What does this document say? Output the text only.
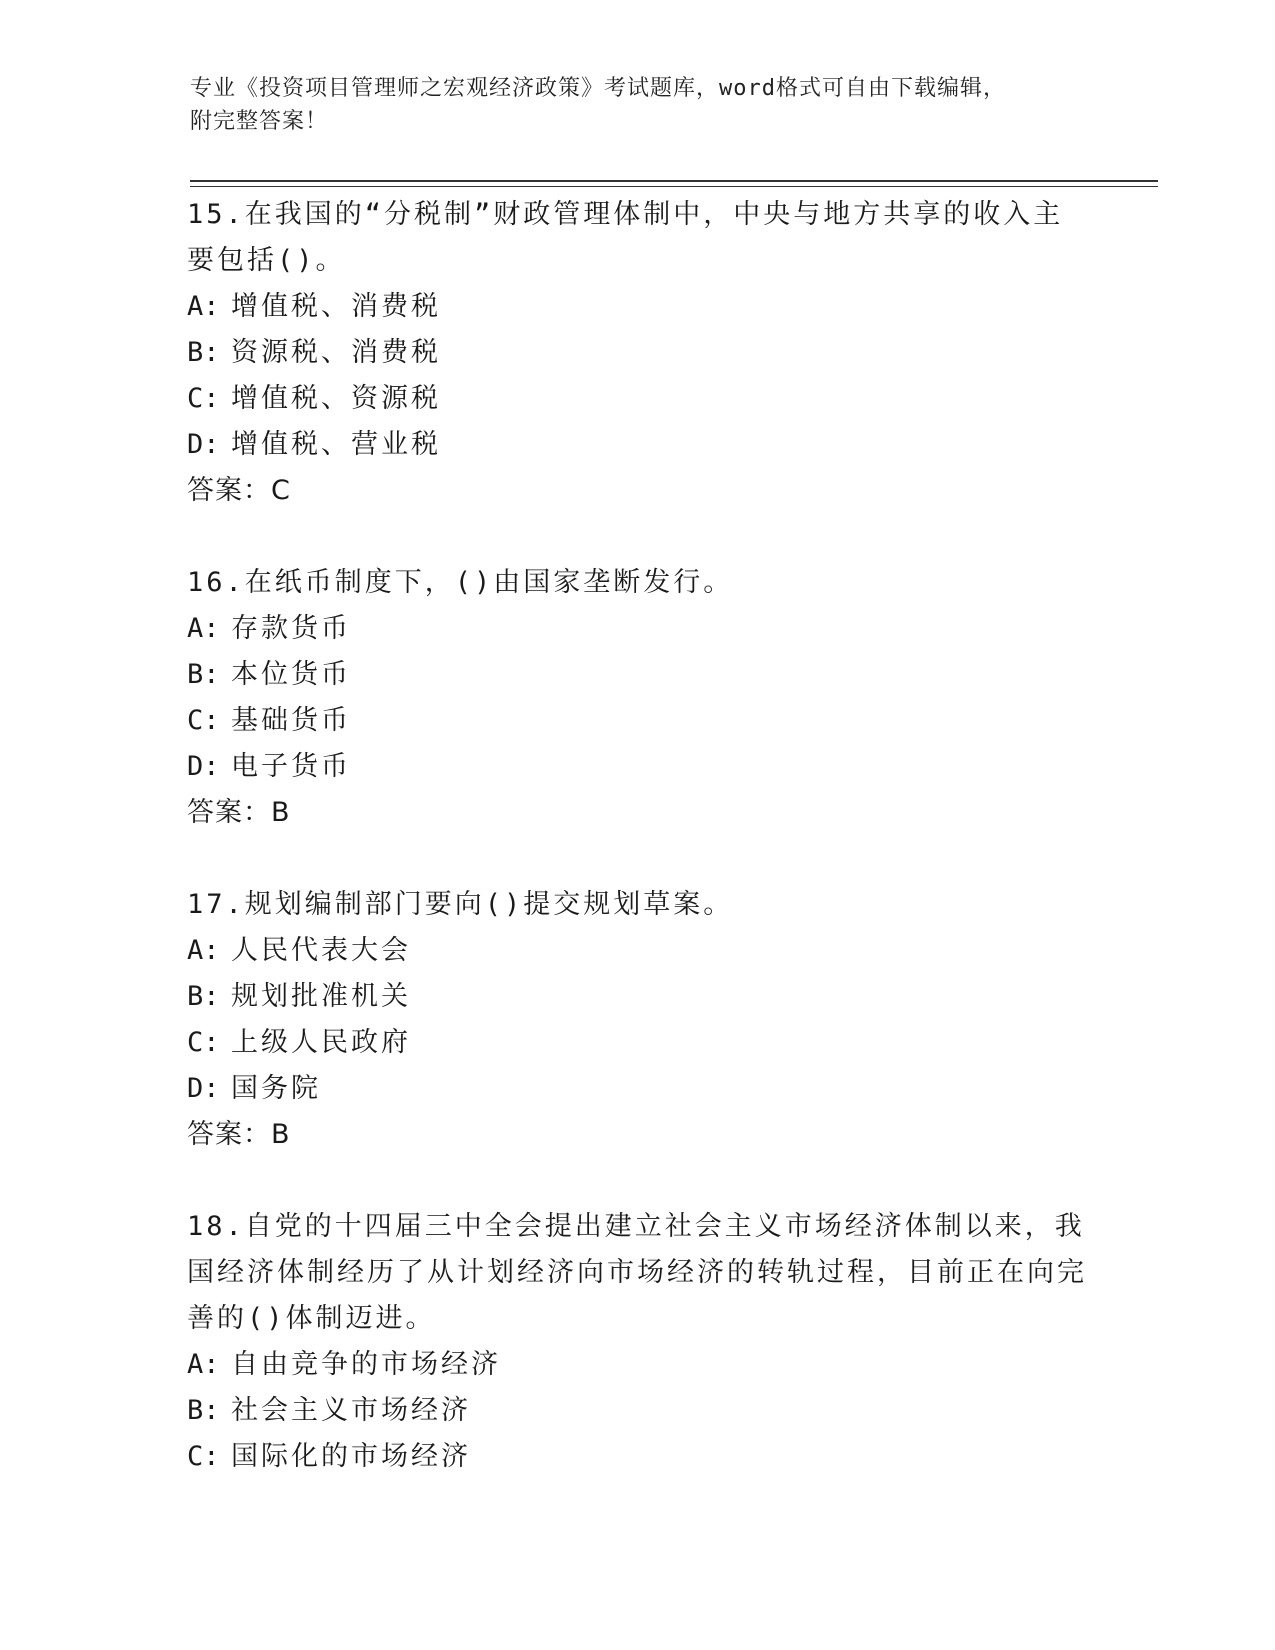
专业《投资项目管理师之宏观经济政策》考试题库，word格式可自由下载编辑，
附完整答案！

15.在我国的“分税制”财政管理体制中，中央与地方共享的收入主要包括()。

A: 增值税、消费税

B: 资源税、消费税

C: 增值税、资源税

D: 增值税、营业税

答案：C

16.在纸币制度下，()由国家垄断发行。

A: 存款货币

B: 本位货币

C: 基础货币

D: 电子货币

答案：B

17.规划编制部门要向()提交规划草案。

A: 人民代表大会

B: 规划批准机关

C: 上级人民政府

D: 国务院

答案：B

18.自党的十四届三中全会提出建立社会主义市场经济体制以来，我国经济体制经历了从计划经济向市场经济的转轨过程，目前正在向完善的()体制迈进。

A: 自由竞争的市场经济

B: 社会主义市场经济

C: 国际化的市场经济
